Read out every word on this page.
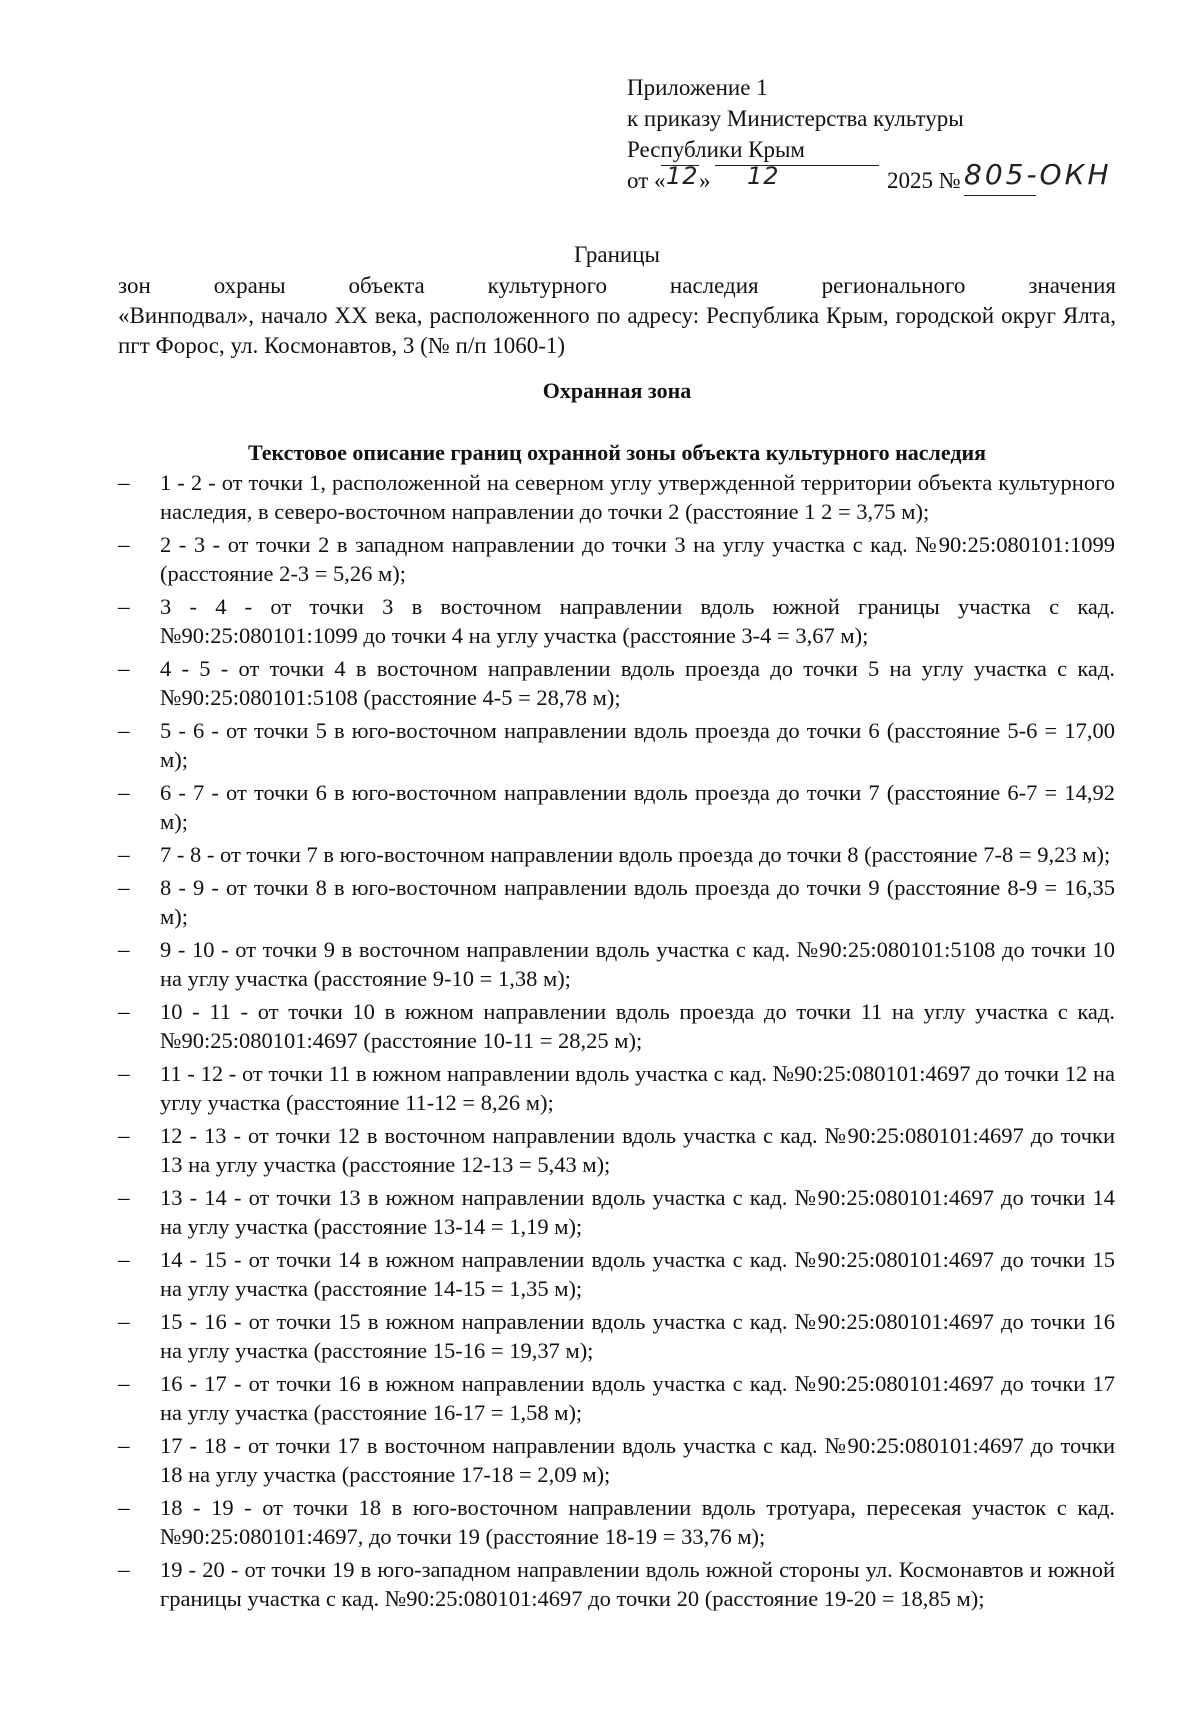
Приложение 1
к приказу Министерства культуры
Республики Крым
от « 12 » 12	2025 № 805-ОКН
Границы
зон охраны объекта культурного наследия регионального значения
«Винподвал», начало XX века, расположенного по адресу: Республика Крым, городской округ Ялта, пгт Форос, ул. Космонавтов, 3 (№ п/п 1060-1)
Охранная зона
Текстовое описание границ охранной зоны объекта культурного наследия
– 1 - 2 - от точки 1, расположенной на северном углу утвержденной территории объекта культурного наследия, в северо-восточном направлении до точки 2 (расстояние 1 2 = 3,75 м);
– 2 - 3 - от точки 2 в западном направлении до точки 3 на углу участка с кад. №90:25:080101:1099 (расстояние 2-3 = 5,26 м);
– 3 - 4 - от точки 3 в восточном направлении вдоль южной границы участка с кад. №90:25:080101:1099 до точки 4 на углу участка (расстояние 3-4 = 3,67 м);
– 4 - 5 - от точки 4 в восточном направлении вдоль проезда до точки 5 на углу участка с кад. №90:25:080101:5108 (расстояние 4-5 = 28,78 м);
– 5 - 6 - от точки 5 в юго-восточном направлении вдоль проезда до точки 6 (расстояние 5-6 = 17,00 м);
– 6 - 7 - от точки 6 в юго-восточном направлении вдоль проезда до точки 7 (расстояние 6-7 = 14,92 м);
– 7 - 8 - от точки 7 в юго-восточном направлении вдоль проезда до точки 8 (расстояние 7-8 = 9,23 м);
– 8 - 9 - от точки 8 в юго-восточном направлении вдоль проезда до точки 9 (расстояние 8-9 = 16,35 м);
– 9 - 10 - от точки 9 в восточном направлении вдоль участка с кад. №90:25:080101:5108 до точки 10 на углу участка (расстояние 9-10 = 1,38 м);
– 10 - 11 - от точки 10 в южном направлении вдоль проезда до точки 11 на углу участка с кад. №90:25:080101:4697 (расстояние 10-11 = 28,25 м);
– 11 - 12 - от точки 11 в южном направлении вдоль участка с кад. №90:25:080101:4697 до точки 12 на углу участка (расстояние 11-12 = 8,26 м);
– 12 - 13 - от точки 12 в восточном направлении вдоль участка с кад. №90:25:080101:4697 до точки 13 на углу участка (расстояние 12-13 = 5,43 м);
– 13 - 14 - от точки 13 в южном направлении вдоль участка с кад. №90:25:080101:4697 до точки 14 на углу участка (расстояние 13-14 = 1,19 м);
– 14 - 15 - от точки 14 в южном направлении вдоль участка с кад. №90:25:080101:4697 до точки 15 на углу участка (расстояние 14-15 = 1,35 м);
– 15 - 16 - от точки 15 в южном направлении вдоль участка с кад. №90:25:080101:4697 до точки 16 на углу участка (расстояние 15-16 = 19,37 м);
– 16 - 17 - от точки 16 в южном направлении вдоль участка с кад. №90:25:080101:4697 до точки 17 на углу участка (расстояние 16-17 = 1,58 м);
– 17 - 18 - от точки 17 в восточном направлении вдоль участка с кад. №90:25:080101:4697 до точки 18 на углу участка (расстояние 17-18 = 2,09 м);
– 18 - 19 - от точки 18 в юго-восточном направлении вдоль тротуара, пересекая участок с кад. №90:25:080101:4697, до точки 19 (расстояние 18-19 = 33,76 м);
– 19 - 20 - от точки 19 в юго-западном направлении вдоль южной стороны ул. Космонавтов и южной границы участка с кад. №90:25:080101:4697 до точки 20 (расстояние 19-20 = 18,85 м);
